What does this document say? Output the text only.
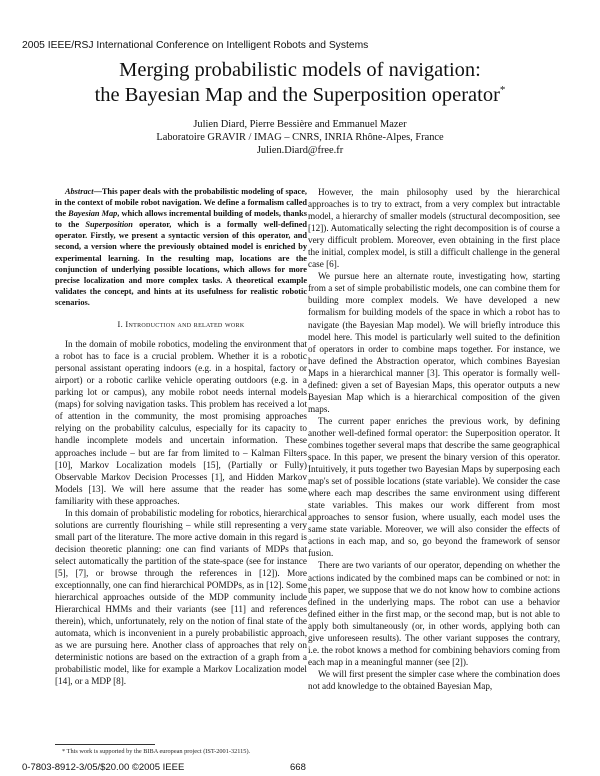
2005 IEEE/RSJ International Conference on Intelligent Robots and Systems
Merging probabilistic models of navigation:
the Bayesian Map and the Superposition operator*
Julien Diard, Pierre Bessière and Emmanuel Mazer
Laboratoire GRAVIR / IMAG – CNRS, INRIA Rhône-Alpes, France
Julien.Diard@free.fr

Abstract—This paper deals with the probabilistic modeling of space, in the context of mobile robot navigation. We define a formalism called the Bayesian Map, which allows incremental building of models, thanks to the Superposition operator, which is a formally well-defined operator. Firstly, we present a syntactic version of this operator, and second, a version where the previously obtained model is enriched by experimental learning. In the resulting map, locations are the conjunction of underlying possible locations, which allows for more precise localization and more complex tasks. A theoretical example validates the concept, and hints at its usefulness for realistic robotic scenarios.

I. Introduction and related work

In the domain of mobile robotics, modeling the environment that a robot has to face is a crucial problem. Whether it is a robotic personal assistant operating indoors (e.g. in a hospital, factory or airport) or a robotic carlike vehicle operating outdoors (e.g. in a parking lot or campus), any mobile robot needs internal models (maps) for solving navigation tasks. This problem has received a lot of attention in the community, the most promising approaches relying on the probability calculus, especially for its capacity to handle incomplete models and uncertain information. These approaches include – but are far from limited to – Kalman Filters [10], Markov Localization models [15], (Partially or Fully) Observable Markov Decision Processes [1], and Hidden Markov Models [13]. We will here assume that the reader has some familiarity with these approaches.

In this domain of probabilistic modeling for robotics, hierarchical solutions are currently flourishing – while still representing a very small part of the literature. The more active domain in this regard is decision theoretic planning: one can find variants of MDPs that select automatically the partition of the state-space (see for instance [5], [7], or browse through the references in [12]). More exceptionnally, one can find hierarchical POMDPs, as in [12]. Some hierarchical approaches outside of the MDP community include Hierarchical HMMs and their variants (see [11] and references therein), which, unfortunately, rely on the notion of final state of the automata, which is inconvenient in a purely probabilistic approach, as we are pursuing here. Another class of approaches that rely on deterministic notions are based on the extraction of a graph from a probabilistic model, like for example a Markov Localization model [14], or a MDP [8].

However, the main philosophy used by the hierarchical approaches is to try to extract, from a very complex but intractable model, a hierarchy of smaller models (structural decomposition, see [12]). Automatically selecting the right decomposition is of course a very difficult problem. Moreover, even obtaining in the first place the initial, complex model, is still a difficult challenge in the general case [6].

We pursue here an alternate route, investigating how, starting from a set of simple probabilistic models, one can combine them for building more complex models. We have developed a new formalism for building models of the space in which a robot has to navigate (the Bayesian Map model). We will briefly introduce this model here. This model is particularly well suited to the definition of operators in order to combine maps together. For instance, we have defined the Abstraction operator, which combines Bayesian Maps in a hierarchical manner [3]. This operator is formally well-defined: given a set of Bayesian Maps, this operator outputs a new Bayesian Map which is a hierarchical composition of the given maps.

The current paper enriches the previous work, by defining another well-defined formal operator: the Superposition operator. It combines together several maps that describe the same geographical space. In this paper, we present the binary version of this operator. Intuitively, it puts together two Bayesian Maps by superposing each map's set of possible locations (state variable). We consider the case where each map describes the same environment using different state variables. This makes our work different from most approaches to sensor fusion, where usually, each model uses the same state variable. Moreover, we will also consider the effects of actions in each map, and so, go beyond the framework of sensor fusion.

There are two variants of our operator, depending on whether the actions indicated by the combined maps can be combined or not: in this paper, we suppose that we do not know how to combine actions defined in the underlying maps. The robot can use a behavior defined either in the first map, or the second map, but is not able to apply both simultaneously (or, in other words, applying both can give unforeseen results). The other variant supposes the contrary, i.e. the robot knows a method for combining behaviors coming from each map in a meaningful manner (see [2]).

We will first present the simpler case where the combination does not add knowledge to the obtained Bayesian Map,

* This work is supported by the BIBA european project (IST-2001-32115).
0-7803-8912-3/05/$20.00 ©2005 IEEE	668
